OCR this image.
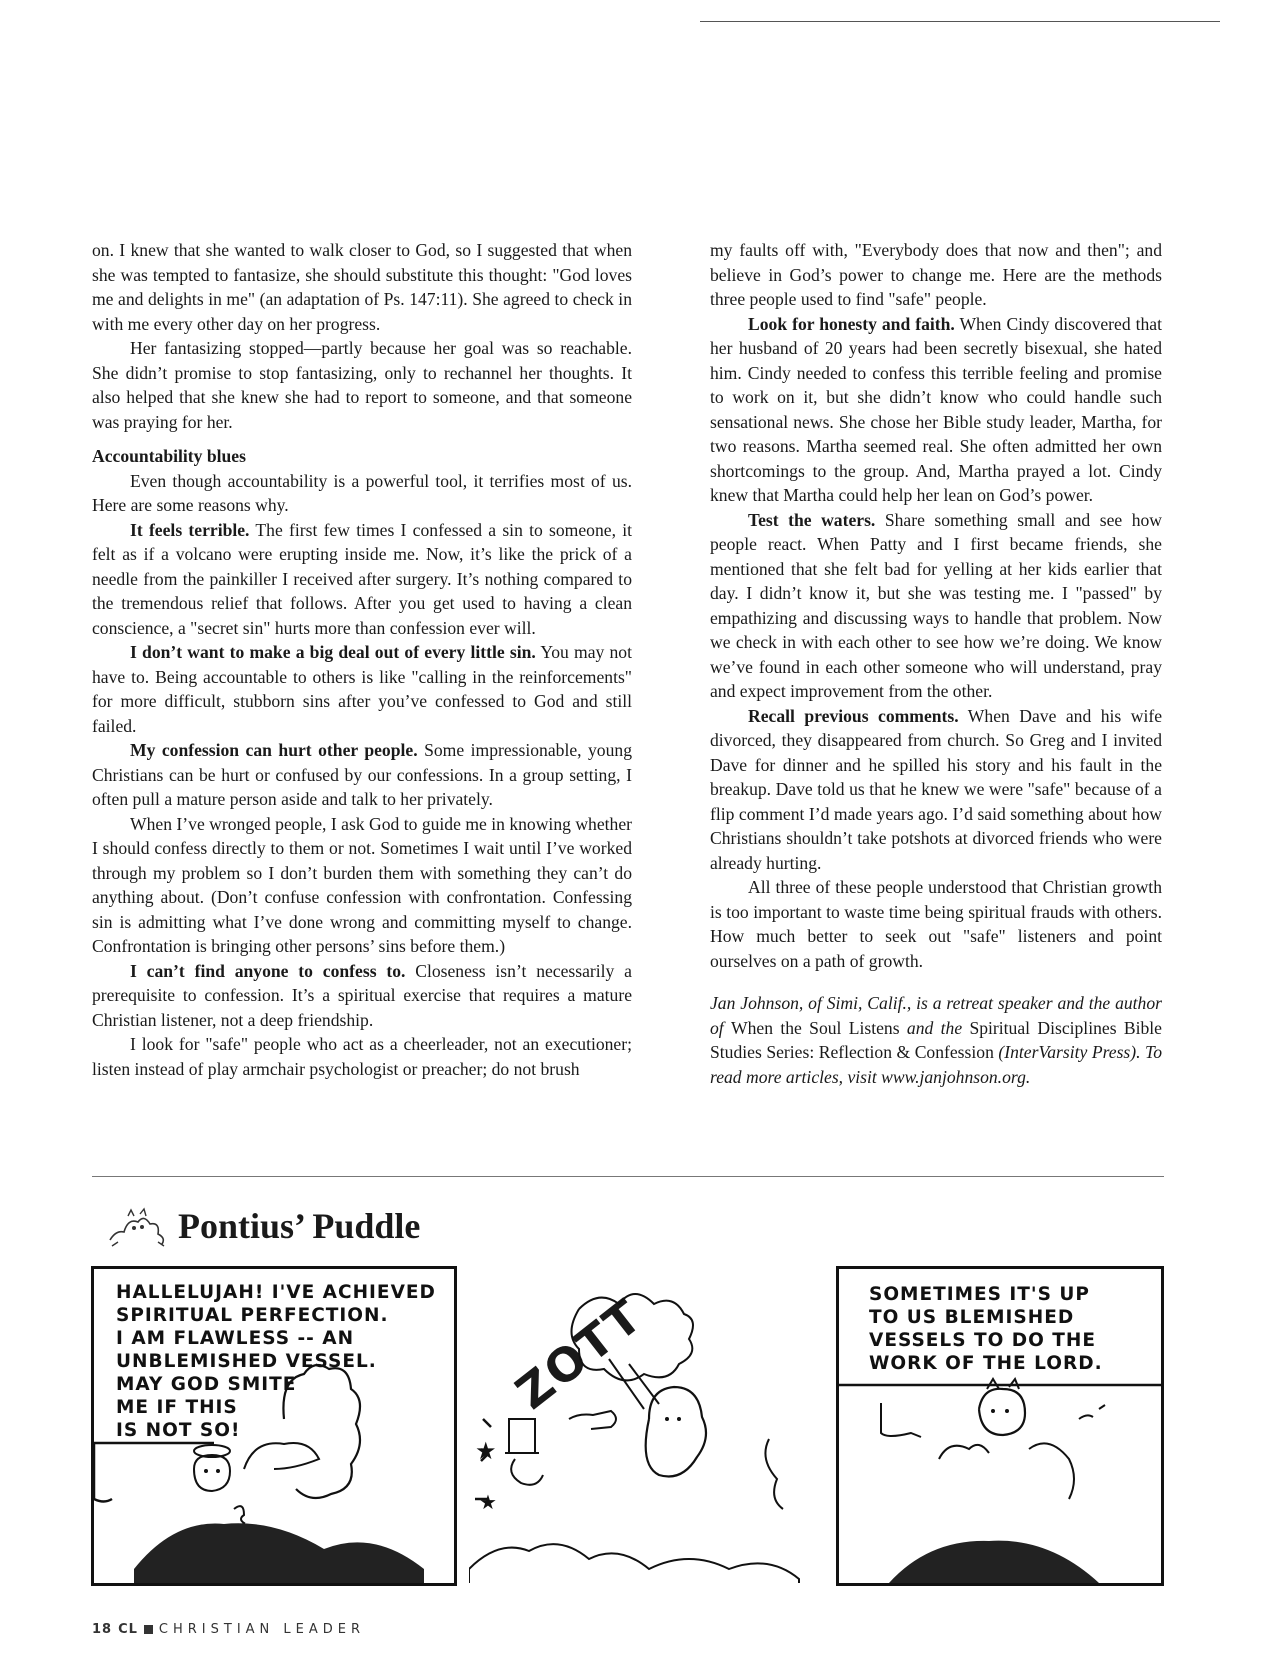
on. I knew that she wanted to walk closer to God, so I suggested that when she was tempted to fantasize, she should substitute this thought: "God loves me and delights in me" (an adaptation of Ps. 147:11). She agreed to check in with me every other day on her progress.

Her fantasizing stopped—partly because her goal was so reachable. She didn’t promise to stop fantasizing, only to rechannel her thoughts. It also helped that she knew she had to report to someone, and that someone was praying for her.

Accountability blues

Even though accountability is a powerful tool, it terrifies most of us. Here are some reasons why.

It feels terrible. The first few times I confessed a sin to someone, it felt as if a volcano were erupting inside me. Now, it’s like the prick of a needle from the painkiller I received after surgery. It’s nothing compared to the tremendous relief that follows. After you get used to having a clean conscience, a "secret sin" hurts more than confession ever will.

I don’t want to make a big deal out of every little sin. You may not have to. Being accountable to others is like "calling in the reinforcements" for more difficult, stubborn sins after you’ve confessed to God and still failed.

My confession can hurt other people. Some impressionable, young Christians can be hurt or confused by our confessions. In a group setting, I often pull a mature person aside and talk to her privately.

When I’ve wronged people, I ask God to guide me in knowing whether I should confess directly to them or not. Sometimes I wait until I’ve worked through my problem so I don’t burden them with something they can’t do anything about. (Don’t confuse confession with confrontation. Confessing sin is admitting what I’ve done wrong and committing myself to change. Confrontation is bringing other persons’ sins before them.)

I can’t find anyone to confess to. Closeness isn’t necessarily a prerequisite to confession. It’s a spiritual exercise that requires a mature Christian listener, not a deep friendship.

I look for "safe" people who act as a cheerleader, not an executioner; listen instead of play armchair psychologist or preacher; do not brush

my faults off with, "Everybody does that now and then"; and believe in God’s power to change me. Here are the methods three people used to find "safe" people.

Look for honesty and faith. When Cindy discovered that her husband of 20 years had been secretly bisexual, she hated him. Cindy needed to confess this terrible feeling and promise to work on it, but she didn’t know who could handle such sensational news. She chose her Bible study leader, Martha, for two reasons. Martha seemed real. She often admitted her own shortcomings to the group. And, Martha prayed a lot. Cindy knew that Martha could help her lean on God’s power.

Test the waters. Share something small and see how people react. When Patty and I first became friends, she mentioned that she felt bad for yelling at her kids earlier that day. I didn’t know it, but she was testing me. I "passed" by empathizing and discussing ways to handle that problem. Now we check in with each other to see how we’re doing. We know we’ve found in each other someone who will understand, pray and expect improvement from the other.

Recall previous comments. When Dave and his wife divorced, they disappeared from church. So Greg and I invited Dave for dinner and he spilled his story and his fault in the breakup. Dave told us that he knew we were "safe" because of a flip comment I’d made years ago. I’d said something about how Christians shouldn’t take potshots at divorced friends who were already hurting.

All three of these people understood that Christian growth is too important to waste time being spiritual frauds with others. How much better to seek out "safe" listeners and point ourselves on a path of growth.

Jan Johnson, of Simi, Calif., is a retreat speaker and the author of When the Soul Listens and the Spiritual Disciplines Bible Studies Series: Reflection & Confession (InterVarsity Press). To read more articles, visit www.janjohnson.org.

Pontius’ Puddle
HALLELUJAH! I'VE ACHIEVED
SPIRITUAL PERFECTION.
I AM FLAWLESS -- AN
UNBLEMISHED VESSEL.
MAY GOD SMITE
ME IF THIS
IS NOT SO!
ZOTT
★
★
SOMETIMES IT'S UP
TO US BLEMISHED
VESSELS TO DO THE
WORK OF THE LORD.
18 CL CHRISTIAN LEADER
